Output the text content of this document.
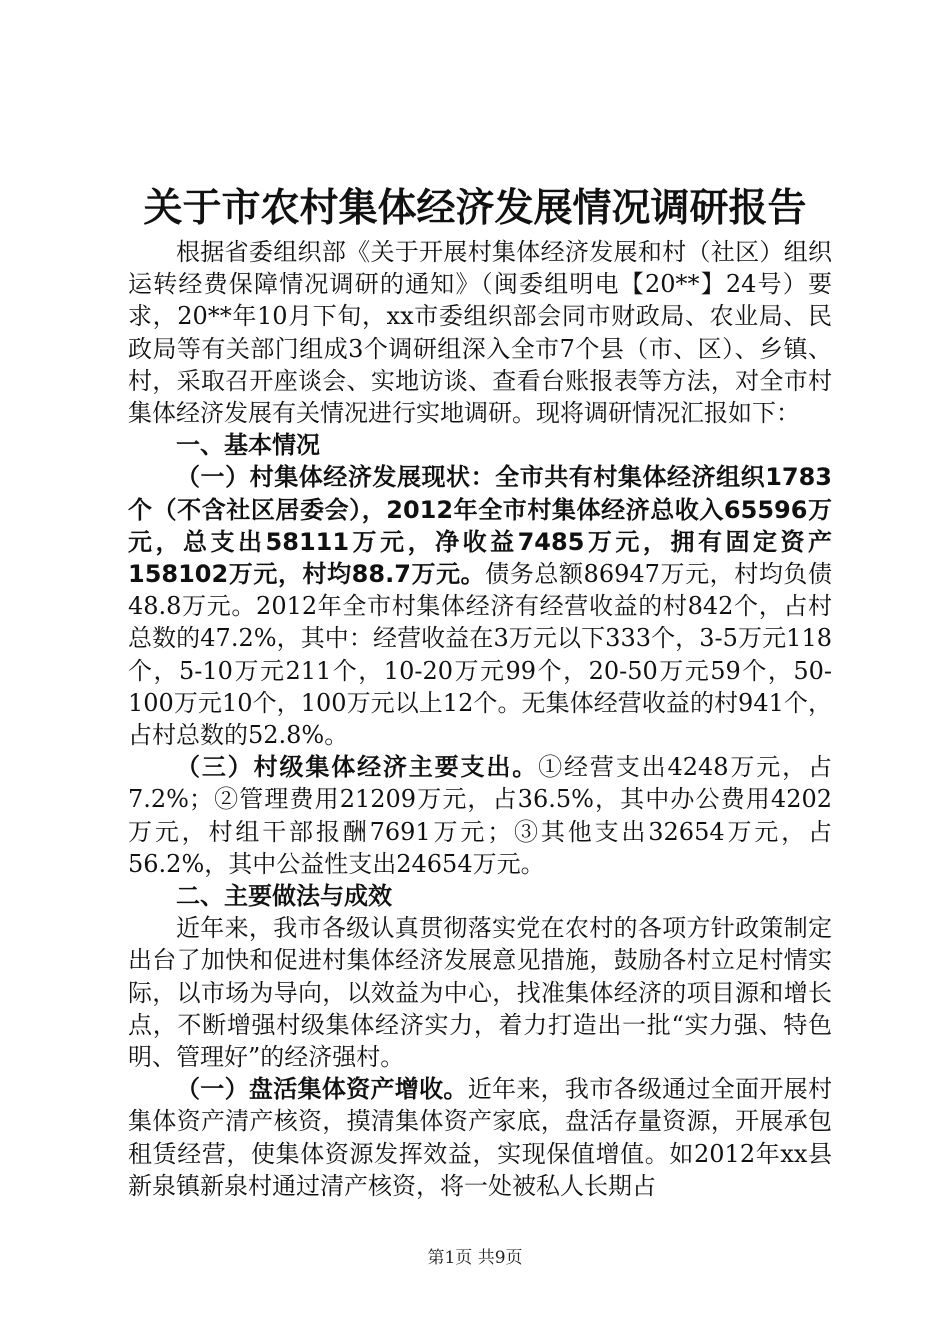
关于市农村集体经济发展情况调研报告

根据省委组织部《关于开展村集体经济发展和村（社区）组织运转经费保障情况调研的通知》（闽委组明电【20**】24号）要求，20**年10月下旬，xx市委组织部会同市财政局、农业局、民政局等有关部门组成3个调研组深入全市7个县（市、区）、乡镇、村，采取召开座谈会、实地访谈、查看台账报表等方法，对全市村集体经济发展有关情况进行实地调研。现将调研情况汇报如下：

一、基本情况

（一）村集体经济发展现状：全市共有村集体经济组织1783个（不含社区居委会），2012年全市村集体经济总收入65596万元，总支出58111万元，净收益7485万元，拥有固定资产158102万元，村均88.7万元。债务总额86947万元，村均负债48.8万元。2012年全市村集体经济有经营收益的村842个，占村总数的47.2%，其中：经营收益在3万元以下333个，3-5万元118个，5-10万元211个，10-20万元99个，20-50万元59个，50-100万元10个，100万元以上12个。无集体经营收益的村941个，占村总数的52.8%。

（三）村级集体经济主要支出。①经营支出4248万元，占7.2%；②管理费用21209万元，占36.5%，其中办公费用4202万元，村组干部报酬7691万元；③其他支出32654万元，占56.2%，其中公益性支出24654万元。

二、主要做法与成效

近年来，我市各级认真贯彻落实党在农村的各项方针政策制定出台了加快和促进村集体经济发展意见措施，鼓励各村立足村情实际，以市场为导向，以效益为中心，找准集体经济的项目源和增长点，不断增强村级集体经济实力，着力打造出一批“实力强、特色明、管理好”的经济强村。

（一）盘活集体资产增收。近年来，我市各级通过全面开展村集体资产清产核资，摸清集体资产家底，盘活存量资源，开展承包租赁经营，使集体资源发挥效益，实现保值增值。如2012年xx县新泉镇新泉村通过清产核资，将一处被私人长期占

第1页 共9页
